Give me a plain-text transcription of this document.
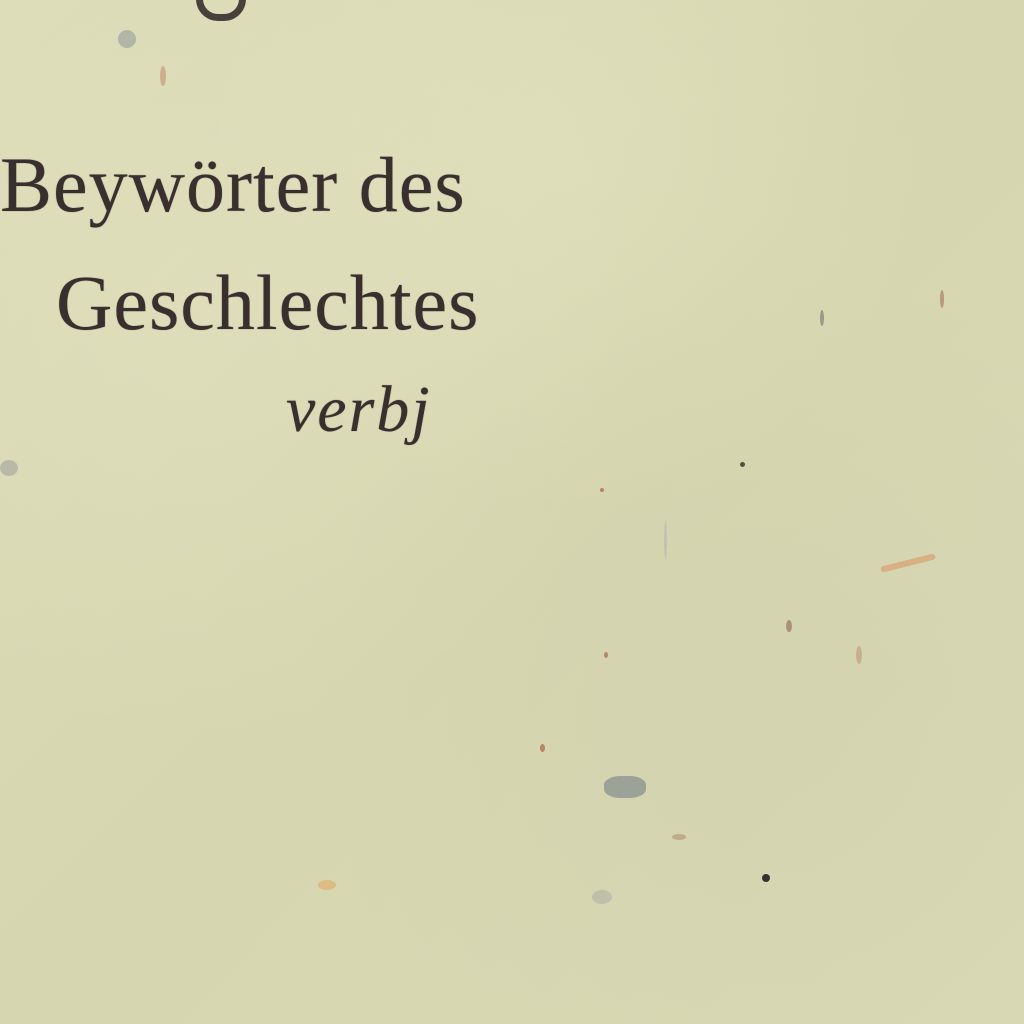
Beywörter des
Geschlechtes
verbj
